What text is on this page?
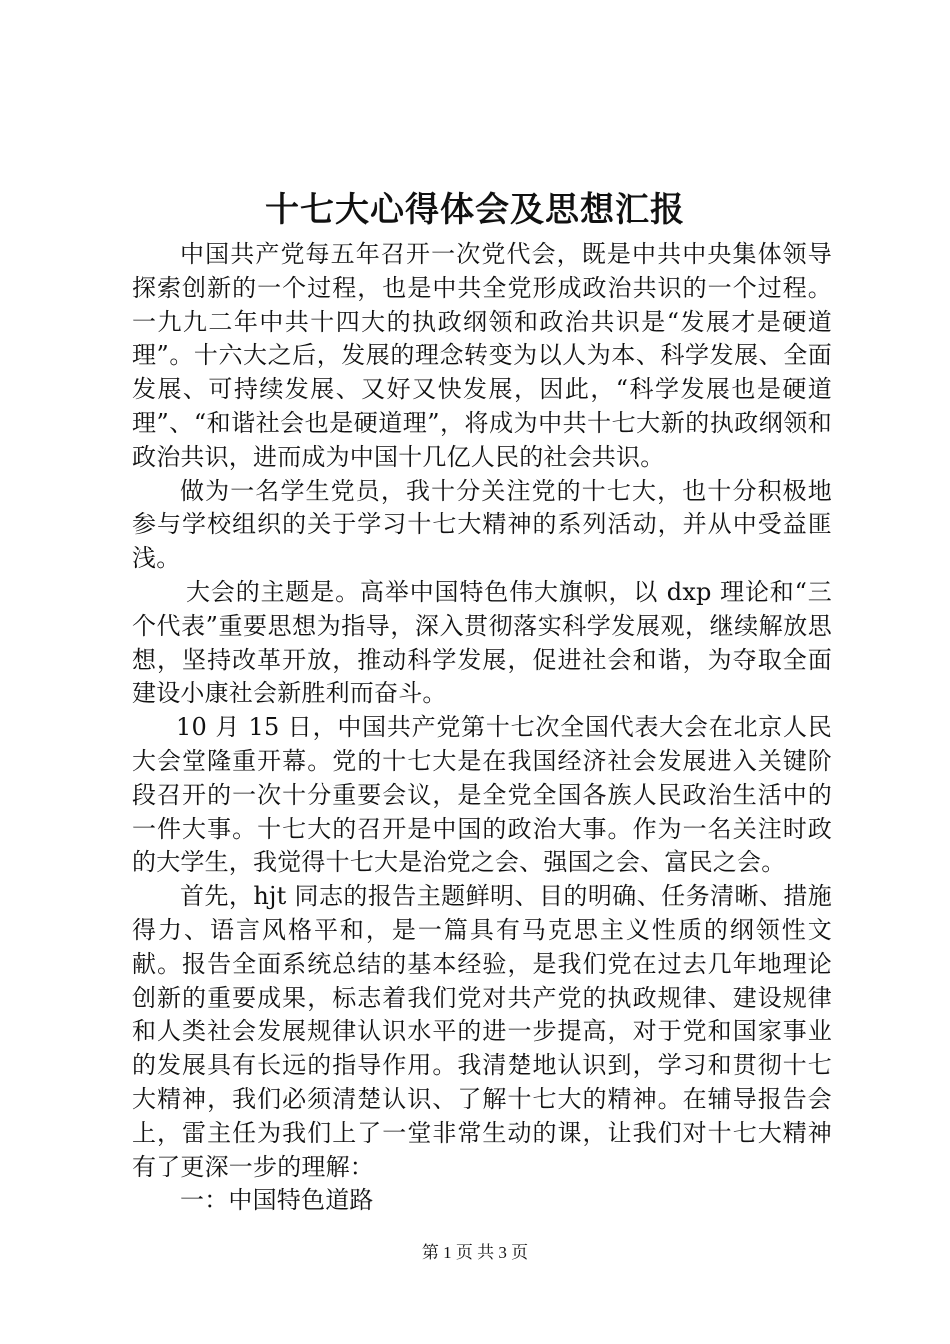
十七大心得体会及思想汇报

中国共产党每五年召开一次党代会，既是中共中央集体领导探索创新的一个过程，也是中共全党形成政治共识的一个过程。一九九二年中共十四大的执政纲领和政治共识是“发展才是硬道理”。十六大之后，发展的理念转变为以人为本、科学发展、全面发展、可持续发展、又好又快发展，因此，“科学发展也是硬道理”、“和谐社会也是硬道理”，将成为中共十七大新的执政纲领和政治共识，进而成为中国十几亿人民的社会共识。

做为一名学生党员，我十分关注党的十七大，也十分积极地参与学校组织的关于学习十七大精神的系列活动，并从中受益匪浅。

大会的主题是。高举中国特色伟大旗帜，以 dxp 理论和“三个代表”重要思想为指导，深入贯彻落实科学发展观，继续解放思想，坚持改革开放，推动科学发展，促进社会和谐，为夺取全面建设小康社会新胜利而奋斗。

10 月 15 日，中国共产党第十七次全国代表大会在北京人民大会堂隆重开幕。党的十七大是在我国经济社会发展进入关键阶段召开的一次十分重要会议，是全党全国各族人民政治生活中的一件大事。十七大的召开是中国的政治大事。作为一名关注时政的大学生，我觉得十七大是治党之会、强国之会、富民之会。

首先，hjt 同志的报告主题鲜明、目的明确、任务清晰、措施得力、语言风格平和，是一篇具有马克思主义性质的纲领性文献。报告全面系统总结的基本经验，是我们党在过去几年地理论创新的重要成果，标志着我们党对共产党的执政规律、建设规律和人类社会发展规律认识水平的进一步提高，对于党和国家事业的发展具有长远的指导作用。我清楚地认识到，学习和贯彻十七大精神，我们必须清楚认识、了解十七大的精神。在辅导报告会上，雷主任为我们上了一堂非常生动的课，让我们对十七大精神有了更深一步的理解：

一：中国特色道路

第 1 页 共 3 页
